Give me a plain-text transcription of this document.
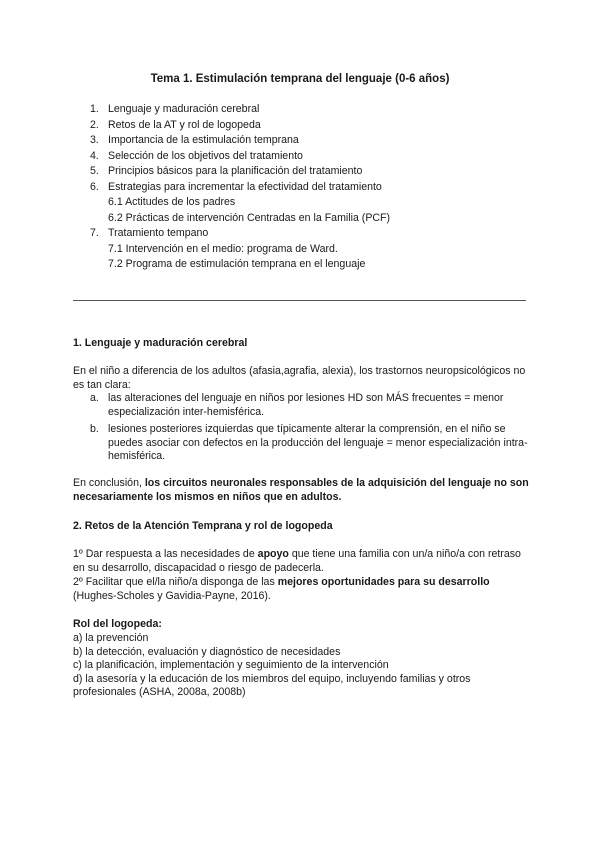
Tema 1. Estimulación temprana del lenguaje (0-6 años)
1. Lenguaje y maduración cerebral
2. Retos de la AT y rol de logopeda
3. Importancia de la estimulación temprana
4. Selección de los objetivos del tratamiento
5. Principios básicos para la planificación del tratamiento
6. Estrategias para incrementar la efectividad del tratamiento
6.1 Actitudes de los padres
6.2 Prácticas de intervención Centradas en la Familia (PCF)
7. Tratamiento tempano
7.1 Intervención en el medio: programa de Ward.
7.2 Programa de estimulación temprana en el lenguaje
1. Lenguaje y maduración cerebral
En el niño a diferencia de los adultos (afasia,agrafia, alexia), los trastornos neuropsicológicos no es tan clara:
a. las alteraciones del lenguaje en niños por lesiones HD son MÁS frecuentes = menor especialización inter-hemisférica.
b. lesiones posteriores izquierdas que típicamente alterar la comprensión, en el niño se puedes asociar con defectos en la producción del lenguaje = menor especialización intra-hemisférica.
En conclusión, los circuitos neuronales responsables de la adquisición del lenguaje no son necesariamente los mismos en niños que en adultos.
2. Retos de la Atención Temprana y rol de logopeda
1º Dar respuesta a las necesidades de apoyo que tiene una familia con un/a niño/a con retraso en su desarrollo, discapacidad o riesgo de padecerla.
2º Facilitar que el/la niño/a disponga de las mejores oportunidades para su desarrollo (Hughes-Scholes y Gavidia-Payne, 2016).
Rol del logopeda:
a) la prevención
b) la detección, evaluación y diagnóstico de necesidades
c) la planificación, implementación y seguimiento de la intervención
d) la asesoría y la educación de los miembros del equipo, incluyendo familias y otros profesionales (ASHA, 2008a, 2008b)
